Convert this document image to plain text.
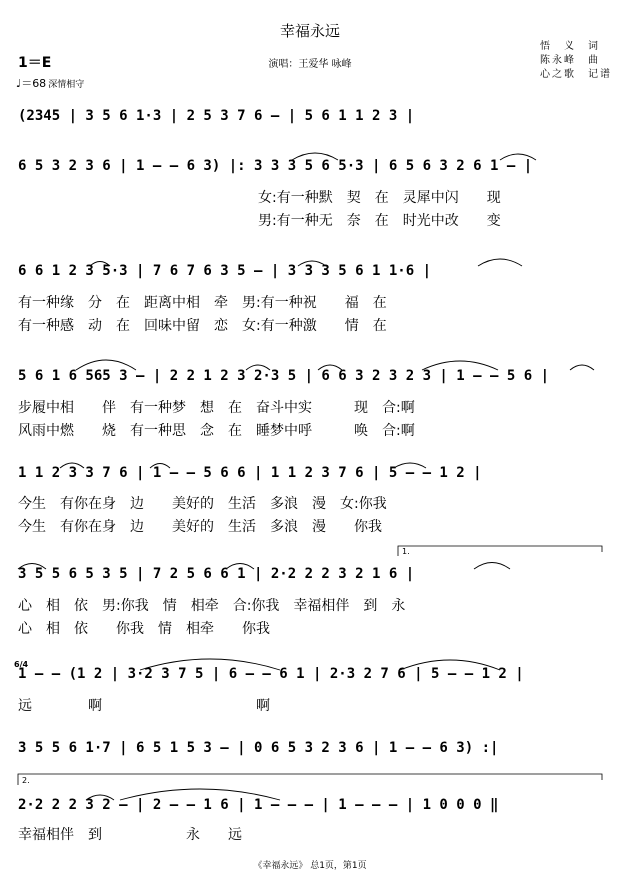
幸福永远
悟　义　词
陈永峰　曲
心之歌　记谱
演唱：王爱华 咏峰
1＝E
♩＝68 深情相守
(2345 | 3 5 6 1·3 | 2 5 3 7 6 – | 5 6 1 1 2 3 |
6 5 3 2 3 6 | 1 – – 6 3) |: 3 3 3 5 6 5·3 | 6 5 6 3 2 6 1 – |
女:有一种默　契　在　灵犀中闪　　现
男:有一种无　奈　在　时光中改　　变
6 6 1 2 3 5·3 | 7 6 7 6 3 5 – | 3 3 3 5 6 1 1·6 |
有一种缘　分　在　距离中相　牵　男:有一种祝　　福　在
有一种感　动　在　回味中留　恋　女:有一种激　　情　在
5 6 1 6 565 3 – | 2 2 1 2 3 2·3 5 | 6 6 3 2 3 2 3 | 1 – – 5 6 |
步履中相　　伴　有一种梦　想　在　奋斗中实　　　现　合:啊
风雨中燃　　烧　有一种思　念　在　睡梦中呼　　　唤　合:啊
1 1 2 3 3 7 6 | 1 – – 5 6 6 | 1 1 2 3 7 6 | 5 – – 1 2 |
今生　有你在身　边　　美好的　生活　多浪　漫　女:你我
今生　有你在身　边　　美好的　生活　多浪　漫　　你我
3 5 5 6 5 3 5 | 7 2 5 6 6 1 | 2·2 2 2 3 2 1 6 |
心　相　依　男:你我　情　相牵　合:你我　幸福相伴　到　永
心　相　依　　你我　情　相牵　　你我
1 – – (1 2 | 3·2 3 7 5 | 6 – – 6 1 | 2·3 2 7 6 | 5 – – 1 2 |
远　　　　啊　　　　　　　　　　　啊
3 5 5 6 1·7 | 6 5 1 5 3 – | 0 6 5 3 2 3 6 | 1 – – 6 3) :|
2·2 2 2 3 2 – | 2 – – 1 6 | 1 – – – | 1 – – – | 1 0 0 0 ‖
幸福相伴　到　　　　　　永　　远
1.
2.
6/4
《幸福永远》 总1页，第1页
